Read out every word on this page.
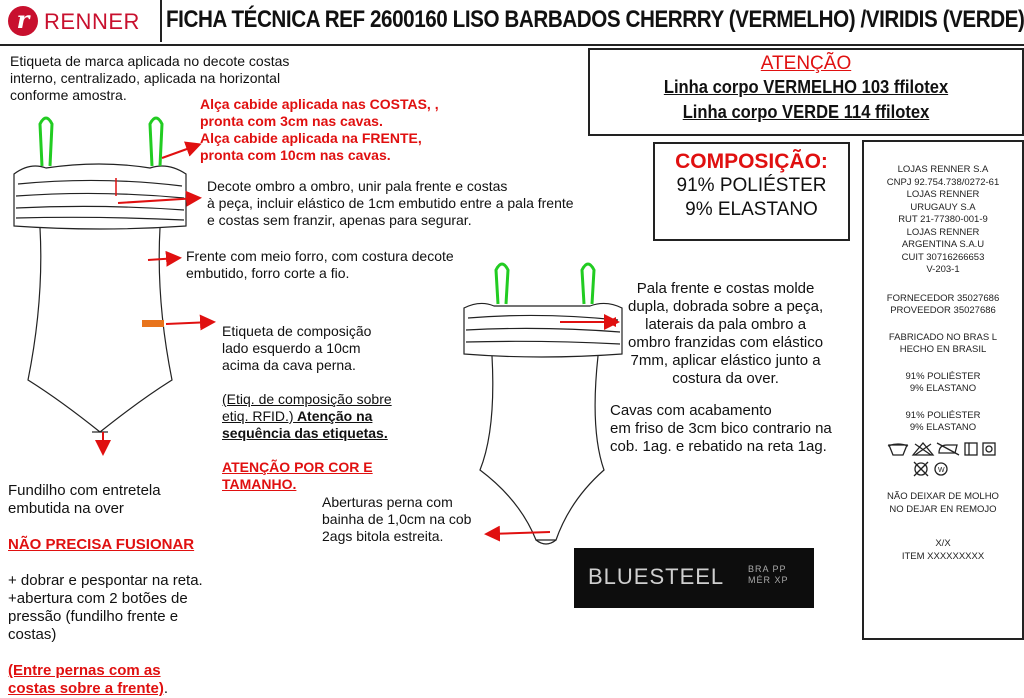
r RENNER FICHA TÉCNICA REF 2600160 LISO BARBADOS CHERRRY (VERMELHO) /VIRIDIS (VERDE)
Etiqueta de marca aplicada no decote costas
interno, centralizado, aplicada na horizontal
conforme amostra.
Alça cabide aplicada nas COSTAS, ,
pronta com 3cm nas cavas.
Alça cabide aplicada na FRENTE,
pronta com 10cm nas cavas.
Decote ombro a ombro, unir pala frente e costas
à peça, incluir elástico de 1cm embutido entre a pala frente
e costas sem franzir, apenas para segurar.
Frente com meio forro, com costura decote
embutido, forro corte a fio.

Etiqueta de composição
lado esquerdo a 10cm
acima da cava perna.

(Etiq. de composição sobre
etiq. RFID.) Atenção na
sequência das etiquetas.

ATENÇÃO POR COR E
TAMANHO.

Fundilho com entretela
embutida na over

NÃO PRECISA FUSIONAR

+ dobrar e pespontar na reta.
+abertura com 2 botões de
pressão (fundilho frente e
costas)

(Entre pernas com as
costas sobre a frente).

Pala frente e costas molde
dupla, dobrada sobre a peça,
laterais da pala ombro a
ombro franzidas com elástico
7mm, aplicar elástico junto a
costura da over.
Cavas com acabamento
em friso de 3cm bico contrario na
cob. 1ag. e rebatido na reta 1ag.
Aberturas perna com
bainha de 1,0cm na cob
2ags bitola estreita.
ATENÇÃO
Linha corpo VERMELHO 103 ffilotex
Linha corpo VERDE 114 ffilotex
COMPOSIÇÃO:
91% POLIÉSTER
9% ELASTANO

LOJAS RENNER S.A
CNPJ 92.754.738/0272-61
LOJAS RENNER
URUGAUY S.A
RUT 21-77380-001-9
LOJAS RENNER
ARGENTINA S.A.U
CUIT 30716266653
V-203-1

FORNECEDOR 35027686
PROVEEDOR 35027686

FABRICADO NO BRAS L
HECHO EN BRASIL

91% POLIÉSTER
9% ELASTANO

91% POLIÉSTER
9% ELASTANO

W

NÃO DEIXAR DE MOLHO
NO DEJAR EN REMOJO

X/X
ITEM XXXXXXXXX

BLUESTEEL	BRA PP
MÉR XP
